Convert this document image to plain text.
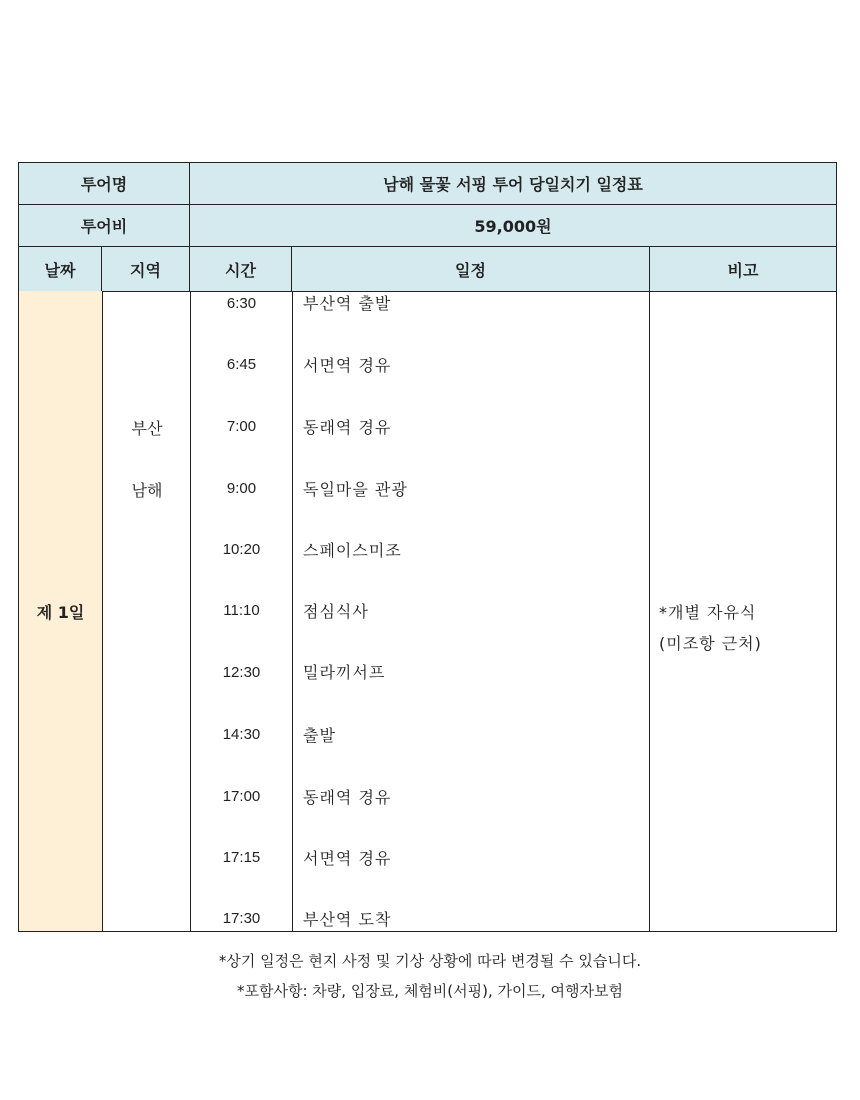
투어명	남해 물꽃 서핑 투어 당일치기 일정표
투어비	59,000원
날짜	지역	시간	일정	비고
제 1일
부산
남해
6:30	부산역 출발
6:45	서면역 경유
7:00	동래역 경유
9:00	독일마을 관광
10:20	스페이스미조
11:10	점심식사
12:30	밀라끼서프
14:30	출발
17:00	동래역 경유
17:15	서면역 경유
17:30	부산역 도착
*개별 자유식
(미조항 근처)
*상기 일정은 현지 사정 및 기상 상황에 따라 변경될 수 있습니다.
*포함사항: 차량, 입장료, 체험비(서핑), 가이드, 여행자보험
